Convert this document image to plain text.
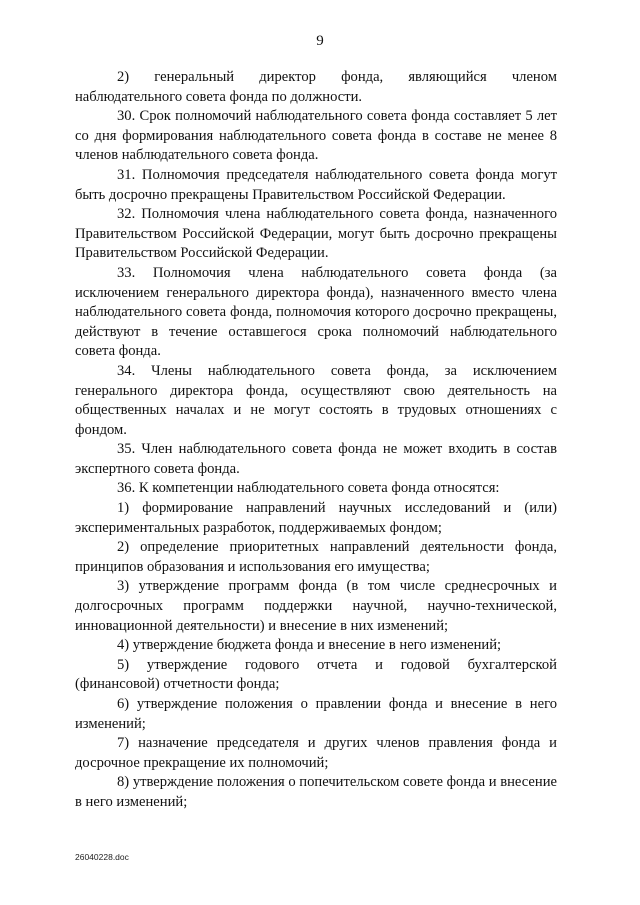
9

2) генеральный директор фонда, являющийся членом наблюдательного совета фонда по должности.

30. Срок полномочий наблюдательного совета фонда составляет 5 лет со дня формирования наблюдательного совета фонда в составе не менее 8 членов наблюдательного совета фонда.

31. Полномочия председателя наблюдательного совета фонда могут быть досрочно прекращены Правительством Российской Федерации.

32. Полномочия члена наблюдательного совета фонда, назначенного Правительством Российской Федерации, могут быть досрочно прекращены Правительством Российской Федерации.

33. Полномочия члена наблюдательного совета фонда (за исключением генерального директора фонда), назначенного вместо члена наблюдательного совета фонда, полномочия которого досрочно прекращены, действуют в течение оставшегося срока полномочий наблюдательного совета фонда.

34. Члены наблюдательного совета фонда, за исключением генерального директора фонда, осуществляют свою деятельность на общественных началах и не могут состоять в трудовых отношениях с фондом.

35. Член наблюдательного совета фонда не может входить в состав экспертного совета фонда.

36. К компетенции наблюдательного совета фонда относятся:

1) формирование направлений научных исследований и (или) экспериментальных разработок, поддерживаемых фондом;

2) определение приоритетных направлений деятельности фонда, принципов образования и использования его имущества;

3) утверждение программ фонда (в том числе среднесрочных и долгосрочных программ поддержки научной, научно-технической, инновационной деятельности) и внесение в них изменений;

4) утверждение бюджета фонда и внесение в него изменений;

5) утверждение годового отчета и годовой бухгалтерской (финансовой) отчетности фонда;

6) утверждение положения о правлении фонда и внесение в него изменений;

7) назначение председателя и других членов правления фонда и досрочное прекращение их полномочий;

8) утверждение положения о попечительском совете фонда и внесение в него изменений;

26040228.doc
